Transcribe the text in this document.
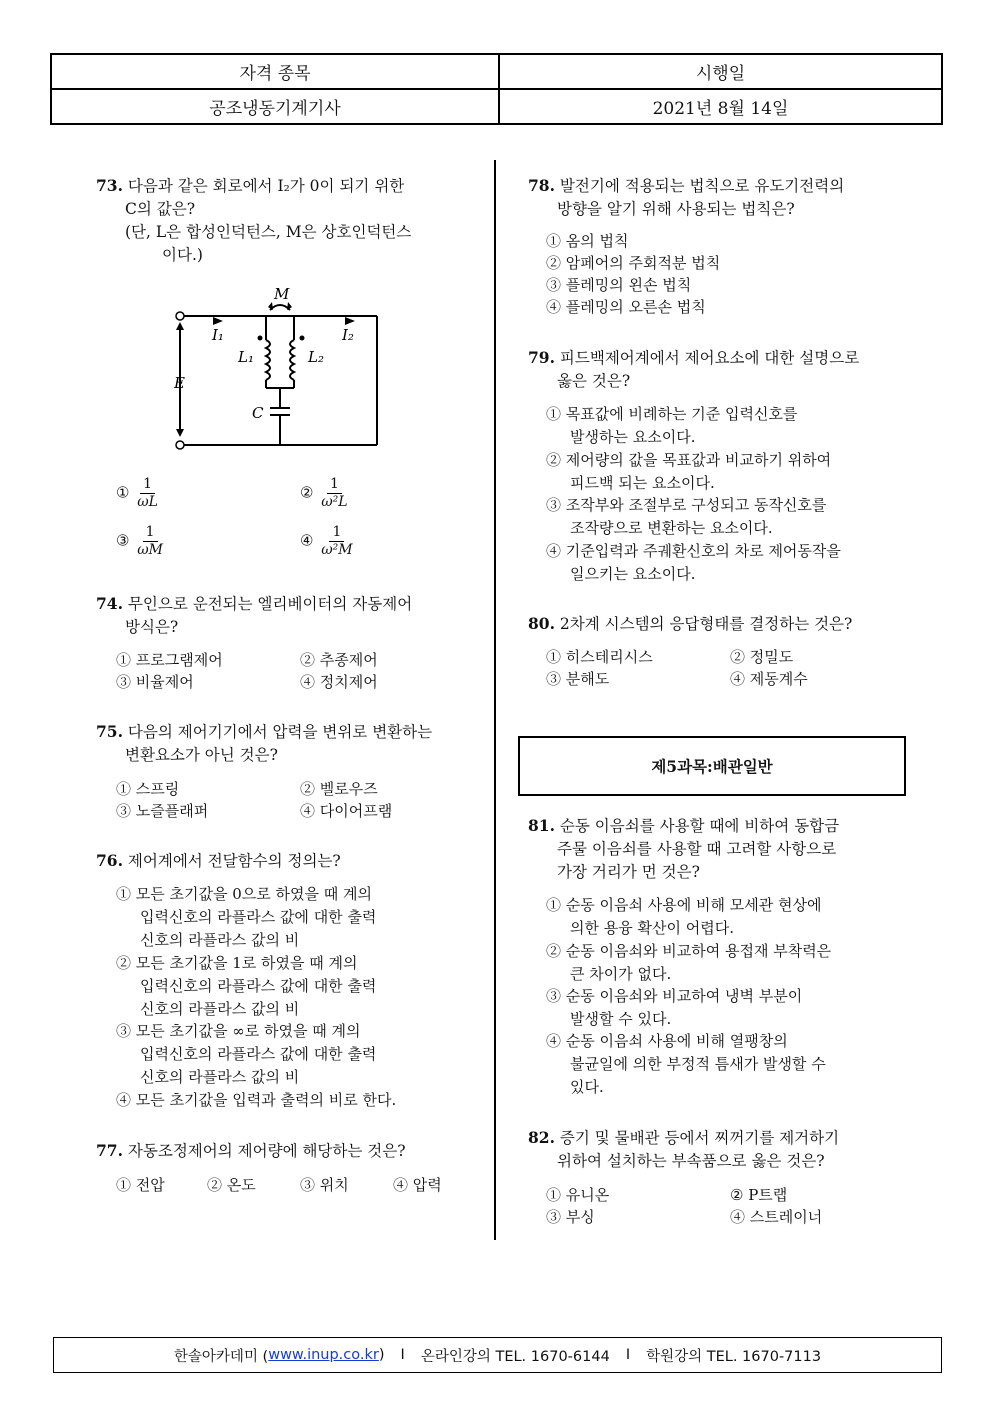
자격 종목	시행일
공조냉동기계기사	2021년 8월 14일
73. 다음과 같은 회로에서 I₂가 0이 되기 위한
C의 값은?
(단, L은 합성인덕턴스, M은 상호인덕턴스
이다.)
M
I₁	I₂
L₁	L₂
C
E
① $\frac{1}{\omega L}$	② $\frac{1}{\text{ω²L}}$
③ $\frac{1}{\omega M}$	④ $\frac{1}{\text{ω²M}}$
74. 무인으로 운전되는 엘리베이터의 자동제어
방식은?
① 프로그램제어	② 추종제어
③ 비율제어	④ 정치제어
75. 다음의 제어기기에서 압력을 변위로 변환하는
변환요소가 아닌 것은?
① 스프링	② 벨로우즈
③ 노즐플래퍼	④ 다이어프램
76. 제어계에서 전달함수의 정의는?
① 모든 초기값을 0으로 하였을 때 계의
입력신호의 라플라스 값에 대한 출력
신호의 라플라스 값의 비
② 모든 초기값을 1로 하였을 때 계의
입력신호의 라플라스 값에 대한 출력
신호의 라플라스 값의 비
③ 모든 초기값을 ∞로 하였을 때 계의
입력신호의 라플라스 값에 대한 출력
신호의 라플라스 값의 비
④ 모든 초기값을 입력과 출력의 비로 한다.
77. 자동조정제어의 제어량에 해당하는 것은?
① 전압	② 온도	③ 위치	④ 압력
78. 발전기에 적용되는 법칙으로 유도기전력의
방향을 알기 위해 사용되는 법칙은?
① 옴의 법칙
② 암페어의 주회적분 법칙
③ 플레밍의 왼손 법칙
④ 플레밍의 오른손 법칙
79. 피드백제어계에서 제어요소에 대한 설명으로
옳은 것은?
① 목표값에 비례하는 기준 입력신호를
발생하는 요소이다.
② 제어량의 값을 목표값과 비교하기 위하여
피드백 되는 요소이다.
③ 조작부와 조절부로 구성되고 동작신호를
조작량으로 변환하는 요소이다.
④ 기준입력과 주궤환신호의 차로 제어동작을
일으키는 요소이다.
80. 2차계 시스템의 응답형태를 결정하는 것은?
① 히스테리시스	② 정밀도
③ 분해도	④ 제동계수
제5과목:배관일반
81. 순동 이음쇠를 사용할 때에 비하여 동합금
주물 이음쇠를 사용할 때 고려할 사항으로
가장 거리가 먼 것은?
① 순동 이음쇠 사용에 비해 모세관 현상에
의한 용융 확산이 어렵다.
② 순동 이음쇠와 비교하여 용접재 부착력은
큰 차이가 없다.
③ 순동 이음쇠와 비교하여 냉벽 부분이
발생할 수 있다.
④ 순동 이음쇠 사용에 비해 열팽창의
불균일에 의한 부정적 틈새가 발생할 수
있다.
82. 증기 및 물배관 등에서 찌꺼기를 제거하기
위하여 설치하는 부속품으로 옳은 것은?
① 유니온	② P트랩
③ 부싱	④ 스트레이너
한솔아카데미 ( www.inup.co.kr ) I 온라인강의 TEL. 1670-6144 I 학원강의 TEL. 1670-7113
